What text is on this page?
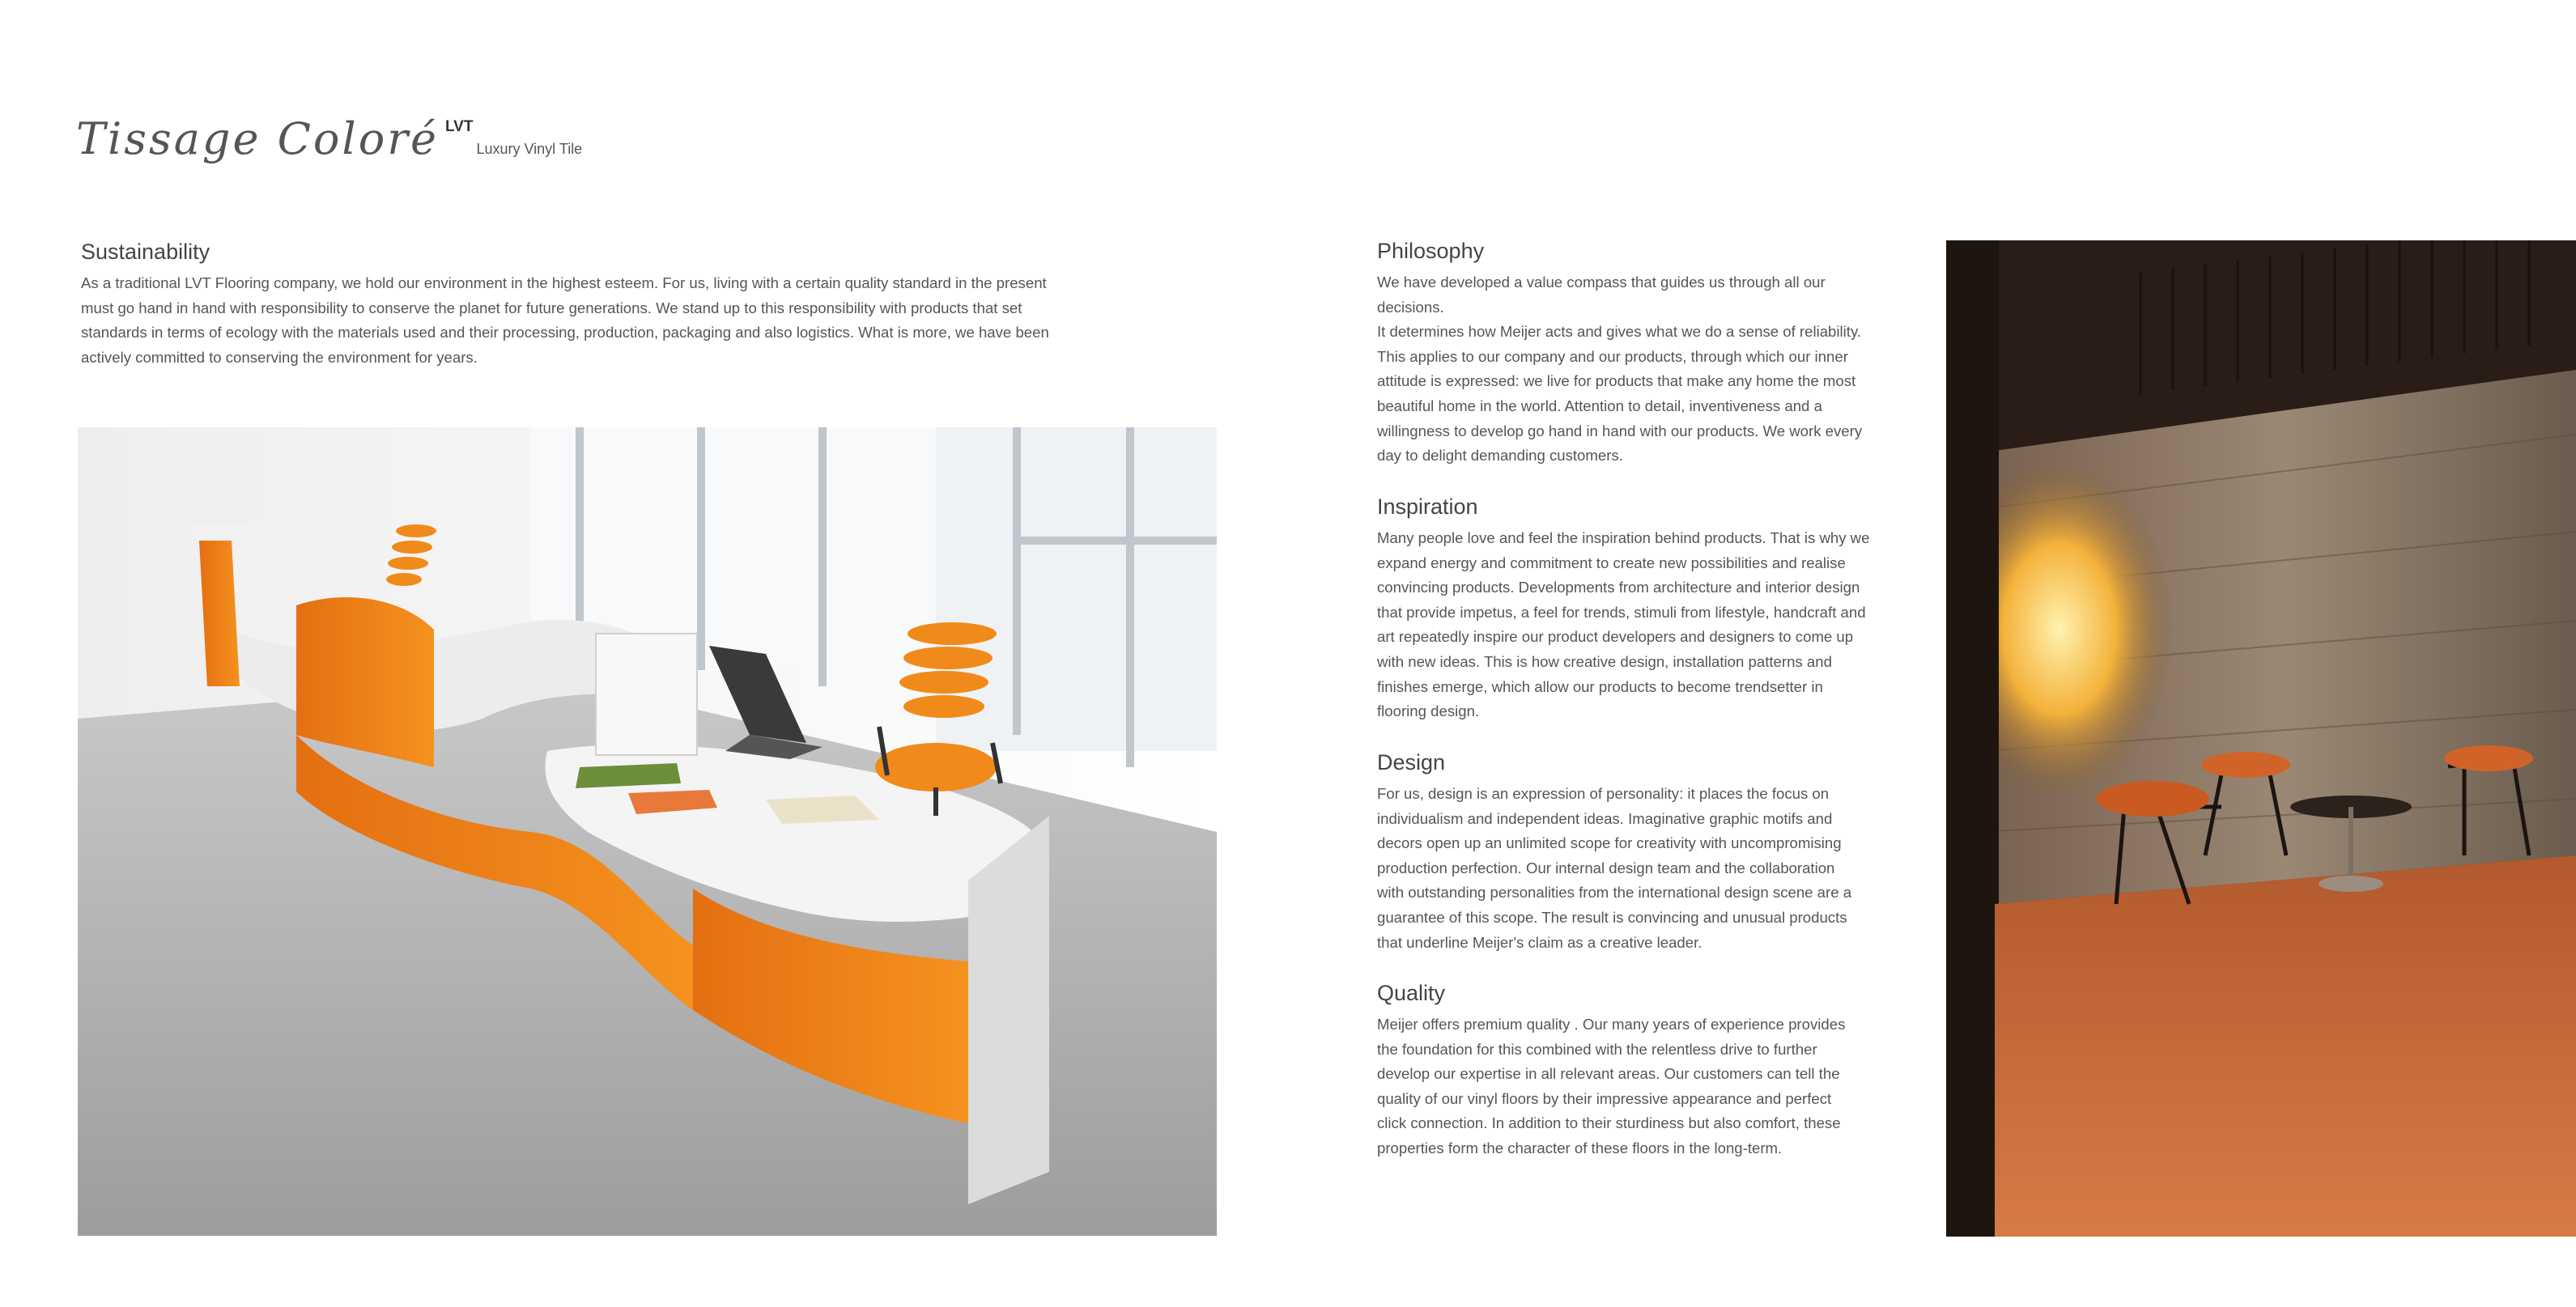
Tissage Coloré LVTLuxury Vinyl Tile
Sustainability

As a traditional LVT Flooring company, we hold our environment in the highest esteem. For us, living with a certain quality standard in the present
must go hand in hand with responsibility to conserve the planet for future generations. We stand up to this responsibility with products that set
standards in terms of ecology with the materials used and their processing, production, packaging and also logistics. What is more, we have been
actively committed to conserving the environment for years.

Philosophy

We have developed a value compass that guides us through all our
decisions.
It determines how Meijer acts and gives what we do a sense of reliability.
This applies to our company and our products, through which our inner
attitude is expressed: we live for products that make any home the most
beautiful home in the world. Attention to detail, inventiveness and a
willingness to develop go hand in hand with our products. We work every
day to delight demanding customers.

Inspiration

Many people love and feel the inspiration behind products. That is why we
expand energy and commitment to create new possibilities and realise
convincing products. Developments from architecture and interior design
that provide impetus, a feel for trends, stimuli from lifestyle, handcraft and
art repeatedly inspire our product developers and designers to come up
with new ideas. This is how creative design, installation patterns and
finishes emerge, which allow our products to become trendsetter in
flooring design.

Design

For us, design is an expression of personality: it places the focus on
individualism and independent ideas. Imaginative graphic motifs and
decors open up an unlimited scope for creativity with uncompromising
production perfection. Our internal design team and the collaboration
with outstanding personalities from the international design scene are a
guarantee of this scope. The result is convincing and unusual products
that underline Meijer's claim as a creative leader.

Quality

Meijer offers premium quality . Our many years of experience provides
the foundation for this combined with the relentless drive to further
develop our expertise in all relevant areas. Our customers can tell the
quality of our vinyl floors by their impressive appearance and perfect
click connection. In addition to their sturdiness but also comfort, these
properties form the character of these floors in the long-term.
